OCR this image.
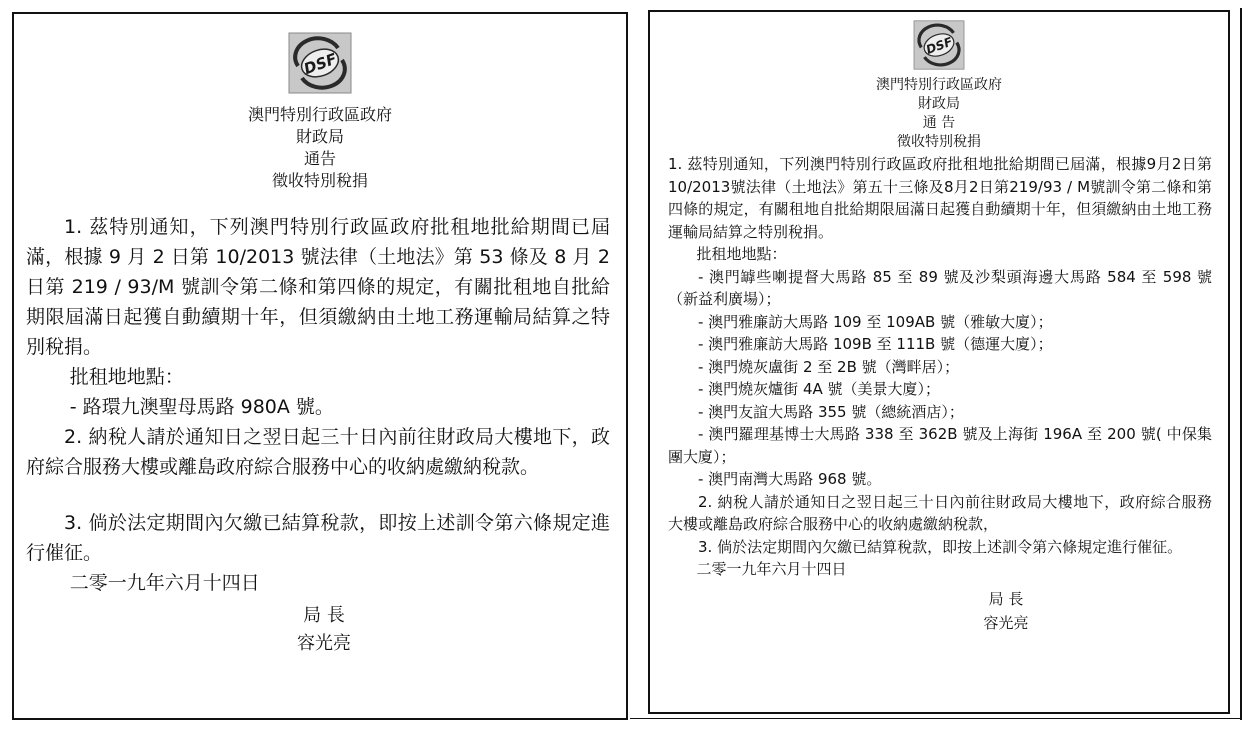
DSF
澳門特別行政區政府
財政局
通告
徵收特別稅捐

1. 茲特別通知，下列澳門特別行政區政府批租地批給期間已屆滿，根據 9 月 2 日第 10/2013 號法律（土地法》第 53 條及 8 月 2 日第 219 / 93/M 號訓令第二條和第四條的規定，有關批租地自批給期限屆滿日起獲自動續期十年，但須繳納由土地工務運輸局結算之特別稅捐。

批租地地點：

- 路環九澳聖母馬路 980A 號。

2. 納稅人請於通知日之翌日起三十日內前往財政局大樓地下，政府綜合服務大樓或離島政府綜合服務中心的收納處繳納稅款。

3. 倘於法定期間內欠繳已結算稅款，即按上述訓令第六條規定進行催征。

二零一九年六月十四日

局 長
容光亮
DSF
澳門特別行政區政府
財政局
通 告
徵收特別稅捐

1. 茲特別通知，下列澳門特別行政區政府批租地批給期間已屆滿，根據9月2日第10/2013號法律（土地法》第五十三條及8月2日第219/93 / M號訓令第二條和第四條的規定，有關租地自批給期限屆滿日起獲自動續期十年，但須繳納由土地工務運輸局結算之特別稅捐。

批租地地點：

- 澳門罅些喇提督大馬路 85 至 89 號及沙梨頭海邊大馬路 584 至 598 號（新益利廣場）；

- 澳門雅廉訪大馬路 109 至 109AB 號（雅敏大廈）；

- 澳門雅廉訪大馬路 109B 至 111B 號（德運大廈）；

- 澳門燒灰盧街 2 至 2B 號（灣畔居）；

- 澳門燒灰爐街 4A 號（美景大廈）；

- 澳門友誼大馬路 355 號（總統酒店）；

- 澳門羅理基博士大馬路 338 至 362B 號及上海街 196A 至 200 號( 中保集團大廈）；

- 澳門南灣大馬路 968 號。

2. 納稅人請於通知日之翌日起三十日內前往財政局大樓地下，政府綜合服務大樓或離島政府綜合服務中心的收納處繳納稅款，

3. 倘於法定期間內欠繳已結算稅款，即按上述訓令第六條規定進行催征。

二零一九年六月十四日

局 長
容光亮
